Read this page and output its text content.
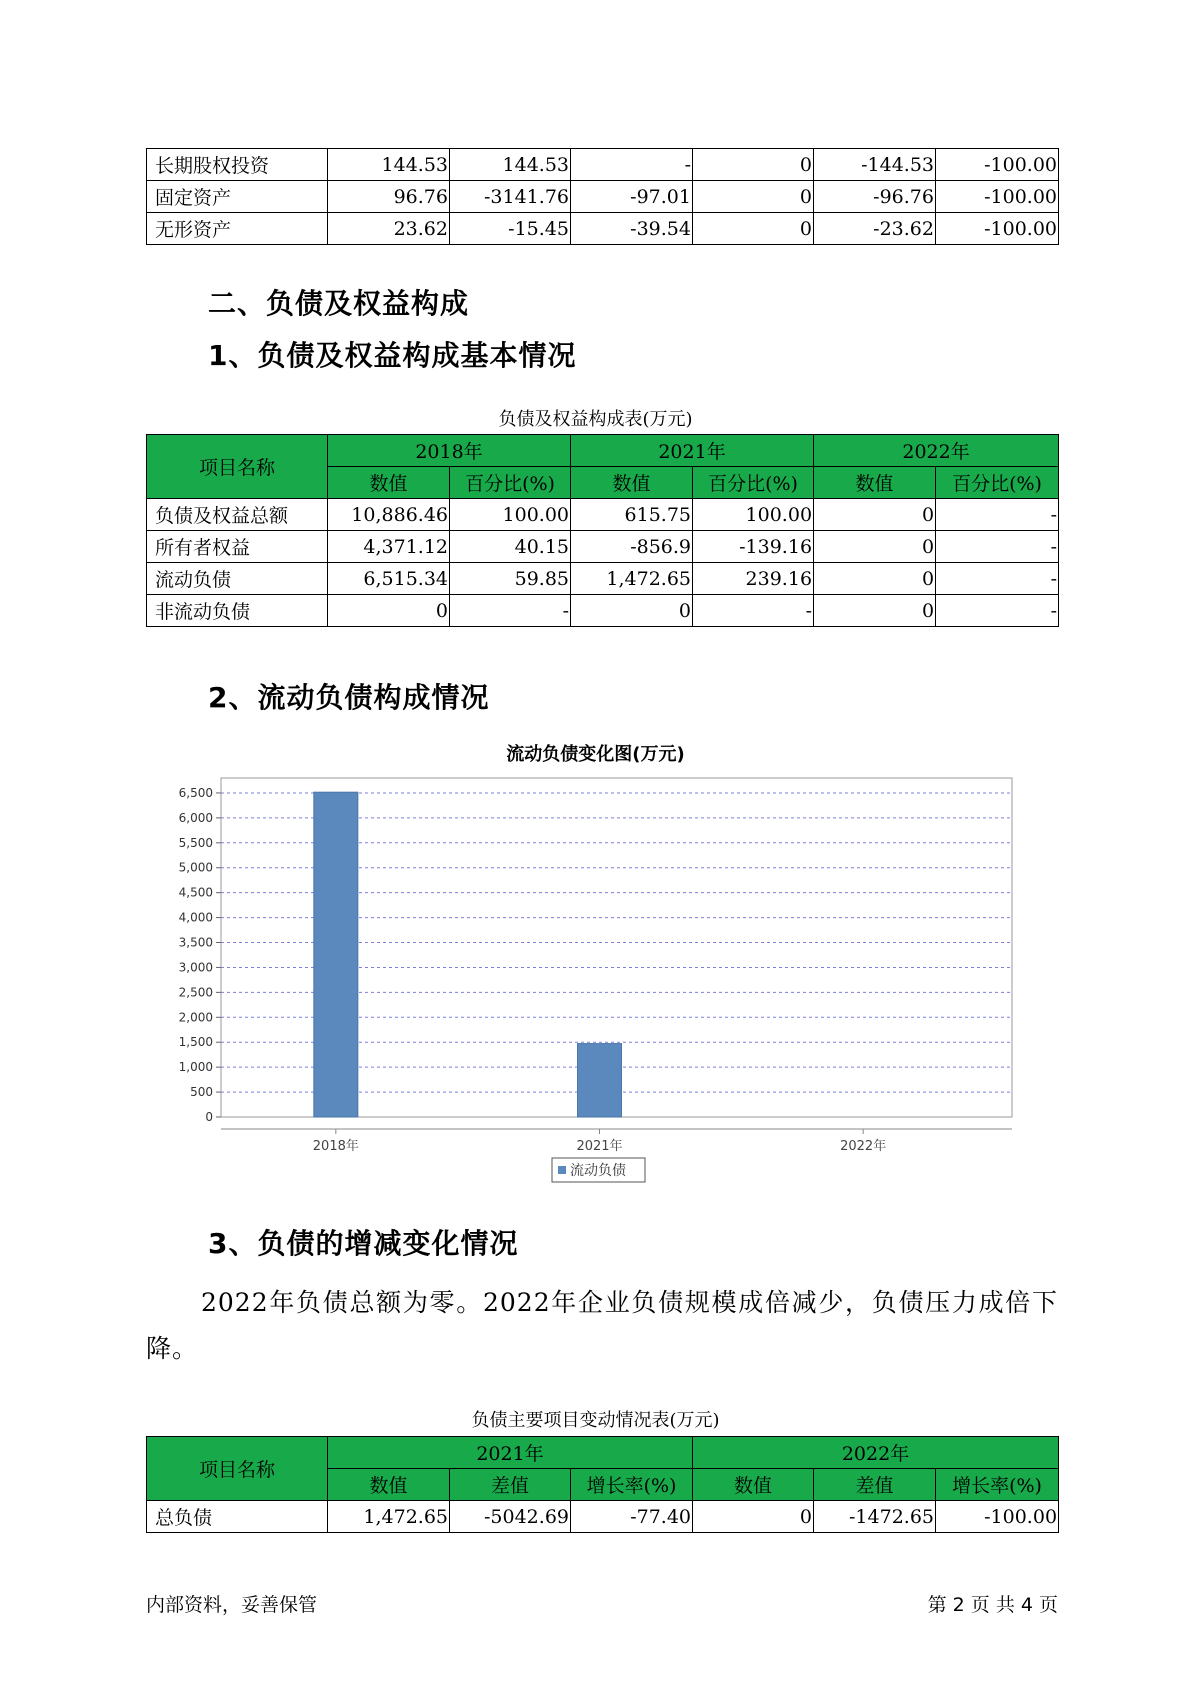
长期股权投资	144.53	144.53	-	0	-144.53	-100.00
固定资产	96.76	-3141.76	-97.01	0	-96.76	-100.00
无形资产	23.62	-15.45	-39.54	0	-23.62	-100.00
二、负债及权益构成
1、负债及权益构成基本情况
负债及权益构成表(万元)
项目名称	2018年		2021年		2022年	
	数值	百分比(%)	数值	百分比(%)	数值	百分比(%)
负债及权益总额	10,886.46	100.00	615.75	100.00	0	-
所有者权益	4,371.12	40.15	-856.9	-139.16	0	-
流动负债	6,515.34	59.85	1,472.65	239.16	0	-
非流动负债	0	-	0	-	0	-
2、流动负债构成情况
流动负债变化图(万元)
0
500
1,000
1,500
2,000
2,500
3,000
3,500
4,000
4,500
5,000
5,500
6,000
6,500
2018年	2021年	2022年
流动负债
3、负债的增减变化情况

2022年负债总额为零。2022年企业负债规模成倍减少，负债压力成倍下降。

负债主要项目变动情况表(万元)
项目名称	2021年			2022年		
	数值	差值	增长率(%)	数值	差值	增长率(%)
总负债	1,472.65	-5042.69	-77.40	0	-1472.65	-100.00
内部资料，妥善保管	第 2 页 共 4 页
